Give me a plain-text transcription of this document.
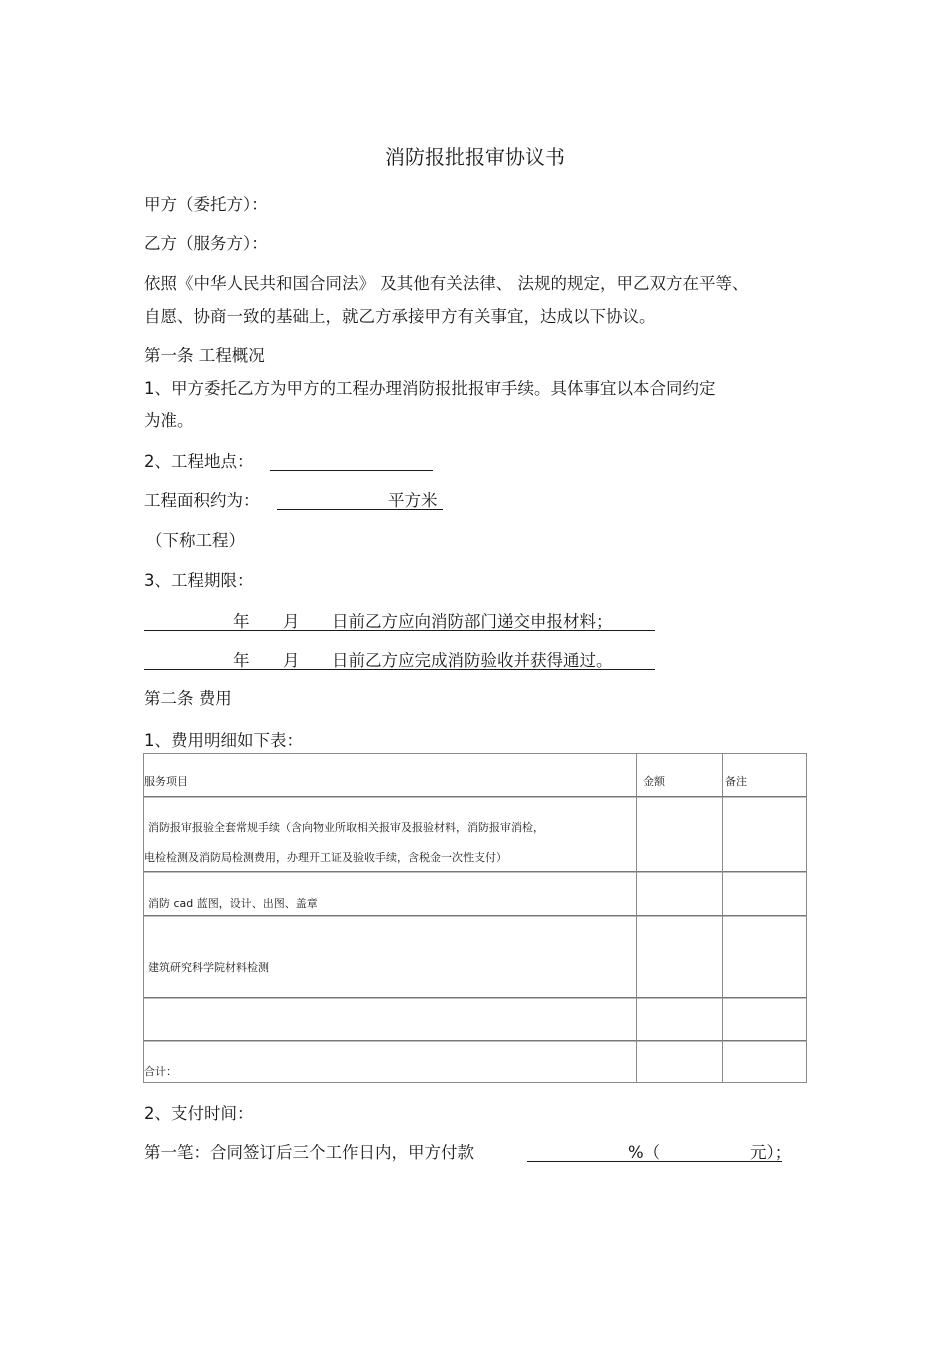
消防报批报审协议书
甲方（委托方）：
乙方（服务方）：
依照《中华人民共和国合同法》 及其他有关法律、 法规的规定，甲乙双方在平等、
自愿、协商一致的基础上，就乙方承接甲方有关事宜，达成以下协议。
第一条 工程概况
1、甲方委托乙方为甲方的工程办理消防报批报审手续。具体事宜以本合同约定
为准。
2、工程地点：
工程面积约为：	平方米
（下称工程）
3、工程期限：
年 月 日前乙方应向消防部门递交申报材料；
年 月 日前乙方应完成消防验收并获得通过。
第二条 费用
1、费用明细如下表：
服务项目	金额	备注
消防报审报验全套常规手续（含向物业所取相关报审及报验材料，消防报审消检，
电检检测及消防局检测费用，办理开工证及验收手续，含税金一次性支付）
消防 cad 蓝图，设计、出图、盖章
建筑研究科学院材料检测
合计：
2、支付时间：
第一笔：合同签订后三个工作日内，甲方付款	%（	元）；
